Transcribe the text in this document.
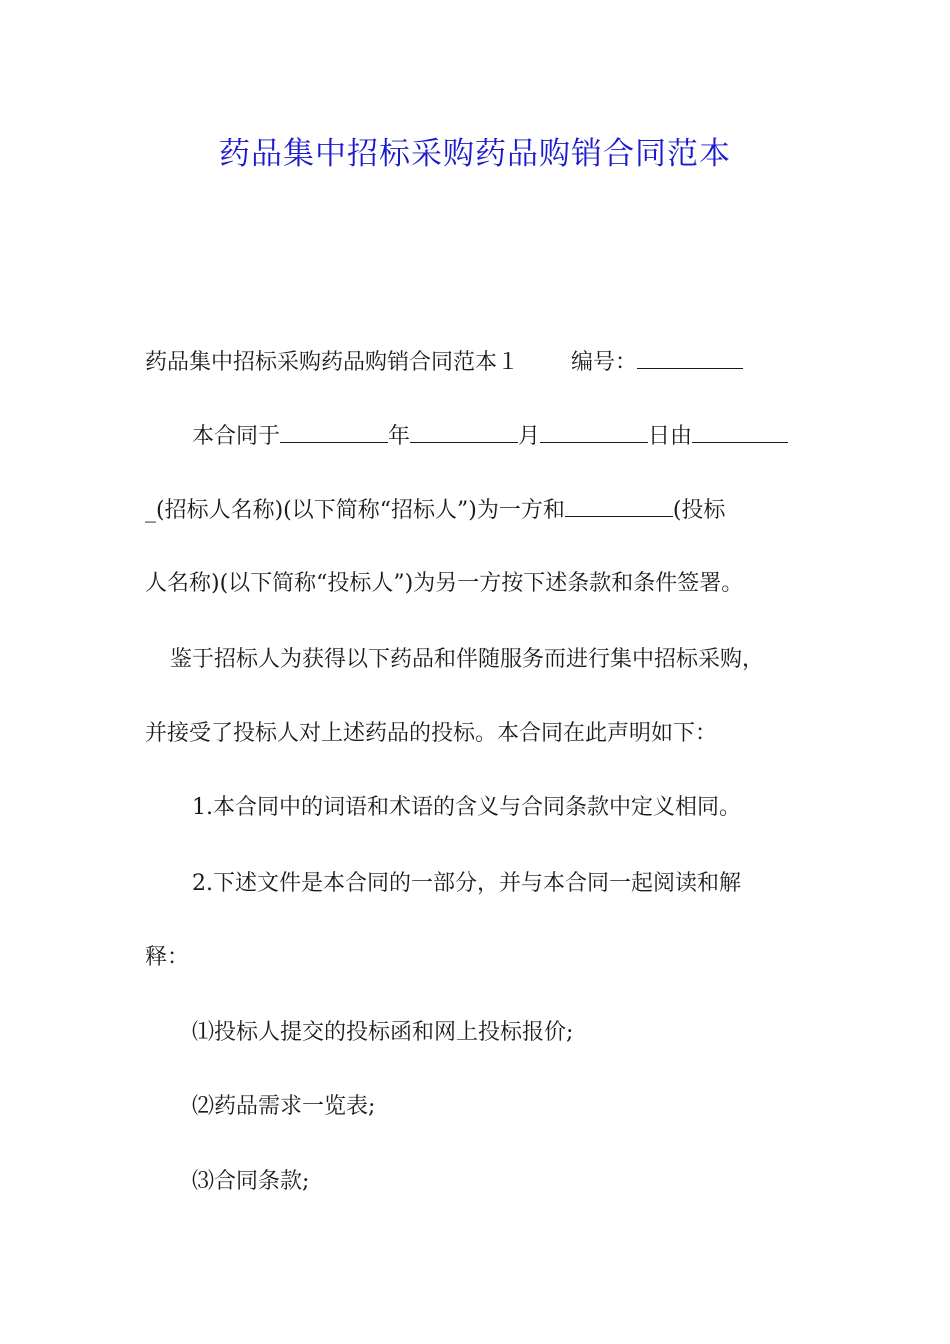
药品集中招标采购药品购销合同范本
药品集中招标采购药品购销合同范本１ 编号：
本合同于	年	月	日由
_(招标人名称)(以下简称“招标人”)为一方和	(投标
人名称)(以下简称“投标人”)为另一方按下述条款和条件签署。
鉴于招标人为获得以下药品和伴随服务而进行集中招标采购，
并接受了投标人对上述药品的投标。本合同在此声明如下：
1.本合同中的词语和术语的含义与合同条款中定义相同。
2.下述文件是本合同的一部分，并与本合同一起阅读和解
释：
⑴投标人提交的投标函和网上投标报价;
⑵药品需求一览表;
⑶合同条款;
